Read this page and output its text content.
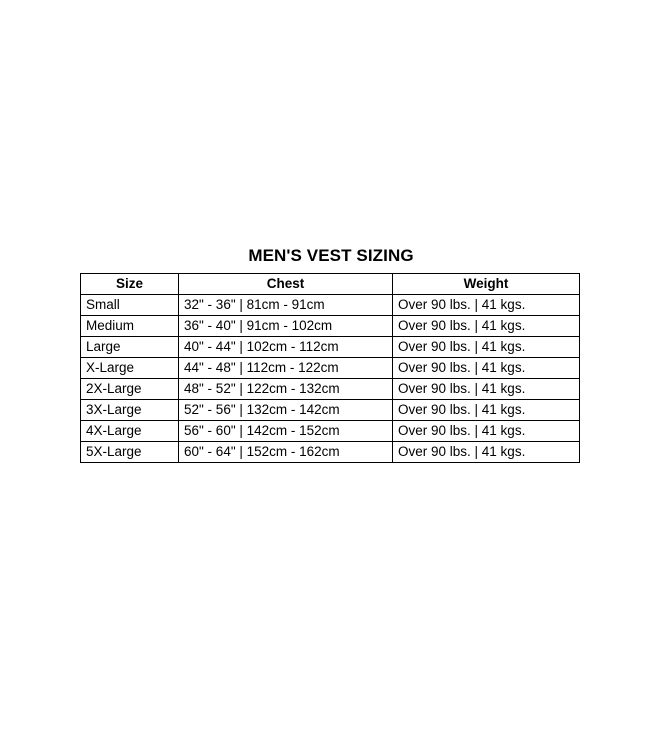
MEN'S VEST SIZING
Size	Chest	Weight
Small	32" - 36" | 81cm - 91cm	Over 90 lbs. | 41 kgs.
Medium	36" - 40" | 91cm - 102cm	Over 90 lbs. | 41 kgs.
Large	40" - 44" | 102cm - 112cm	Over 90 lbs. | 41 kgs.
X-Large	44" - 48" | 112cm - 122cm	Over 90 lbs. | 41 kgs.
2X-Large	48" - 52" | 122cm - 132cm	Over 90 lbs. | 41 kgs.
3X-Large	52" - 56" | 132cm - 142cm	Over 90 lbs. | 41 kgs.
4X-Large	56" - 60" | 142cm - 152cm	Over 90 lbs. | 41 kgs.
5X-Large	60" - 64" | 152cm - 162cm	Over 90 lbs. | 41 kgs.
